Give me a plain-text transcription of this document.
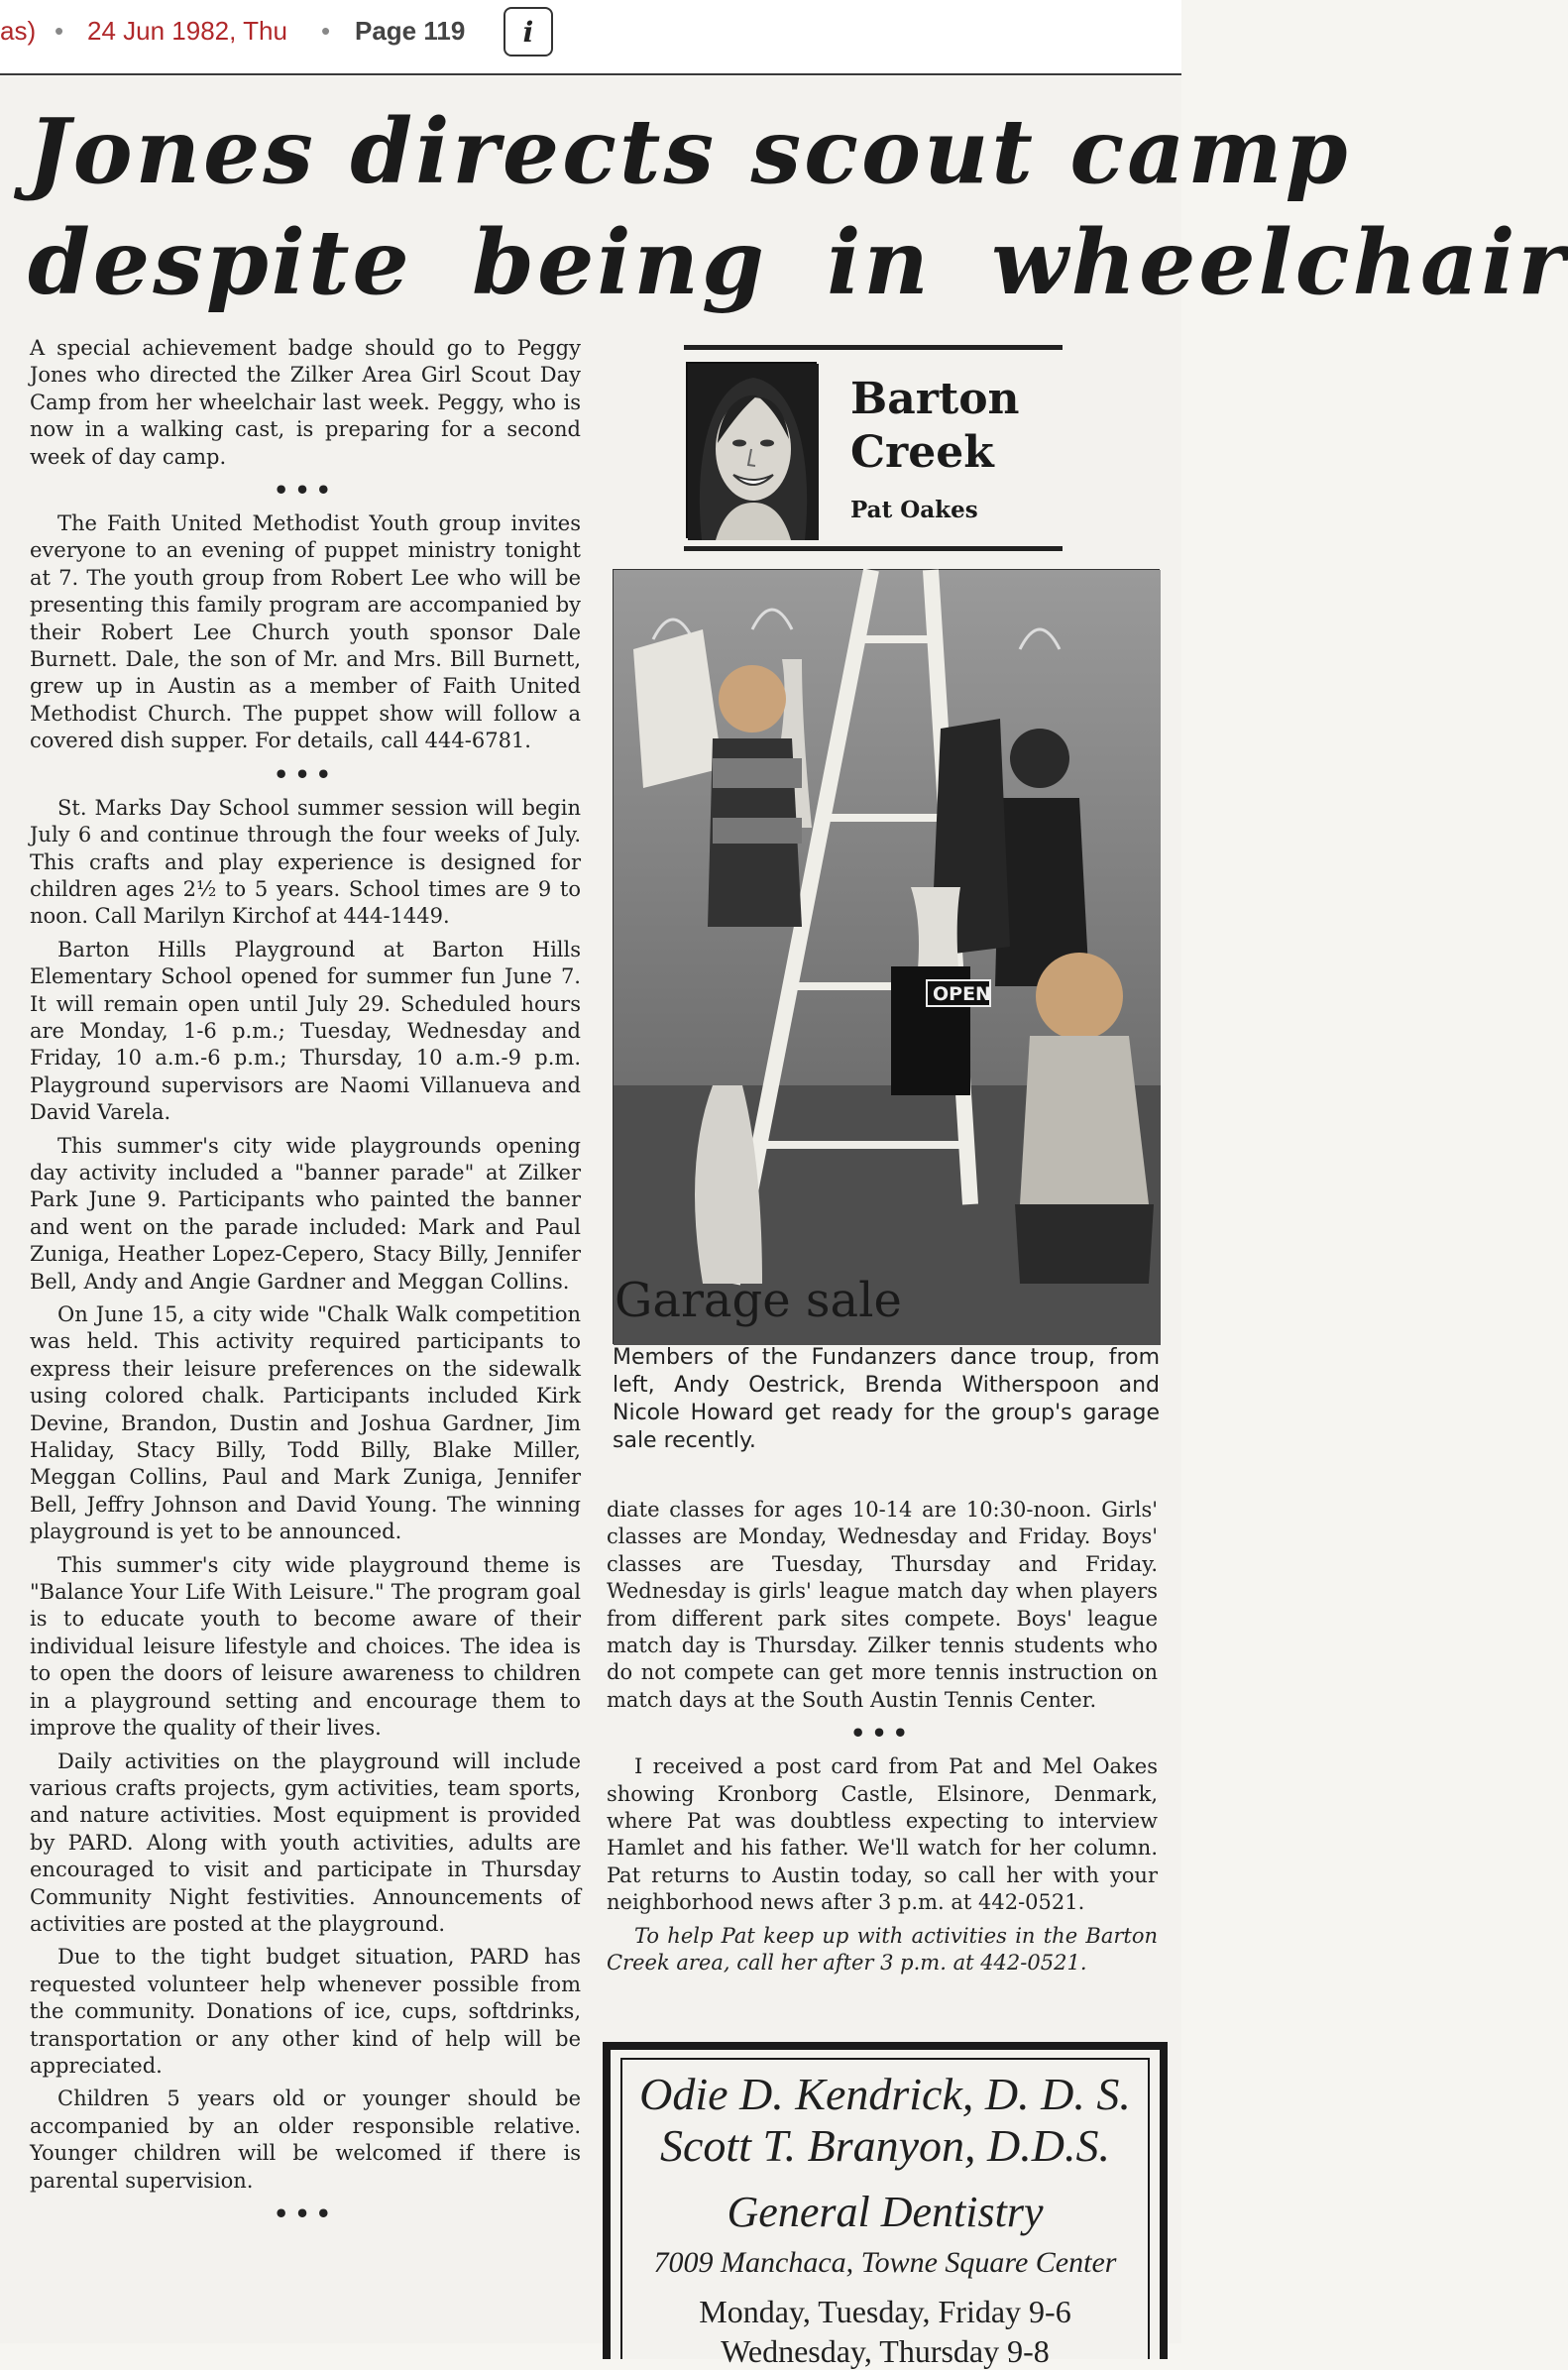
as) • 24 Jun 1982, Thu • Page 119 i
Jones directs scout camp
despite being in wheelchair

A special achievement badge should go to Peggy Jones who directed the Zilker Area Girl Scout Day Camp from her wheelchair last week. Peggy, who is now in a walking cast, is preparing for a second week of day camp.

•••

The Faith United Methodist Youth group invites everyone to an evening of puppet ministry tonight at 7. The youth group from Robert Lee who will be presenting this family program are accompanied by their Robert Lee Church youth sponsor Dale Burnett. Dale, the son of Mr. and Mrs. Bill Burnett, grew up in Austin as a member of Faith United Methodist Church. The puppet show will follow a covered dish supper. For details, call 444-6781.

•••

St. Marks Day School summer session will begin July 6 and continue through the four weeks of July. This crafts and play experience is designed for children ages 2½ to 5 years. School times are 9 to noon. Call Marilyn Kirchof at 444-1449.

Barton Hills Playground at Barton Hills Elementary School opened for summer fun June 7. It will remain open until July 29. Scheduled hours are Monday, 1-6 p.m.; Tuesday, Wednesday and Friday, 10 a.m.-6 p.m.; Thursday, 10 a.m.-9 p.m. Playground supervisors are Naomi Villanueva and David Varela.

This summer's city wide playgrounds opening day activity included a "banner parade" at Zilker Park June 9. Participants who painted the banner and went on the parade included: Mark and Paul Zuniga, Heather Lopez-Cepero, Stacy Billy, Jennifer Bell, Andy and Angie Gardner and Meggan Collins.

On June 15, a city wide "Chalk Walk competition was held. This activity required participants to express their leisure preferences on the sidewalk using colored chalk. Participants included Kirk Devine, Brandon, Dustin and Joshua Gardner, Jim Haliday, Stacy Billy, Todd Billy, Blake Miller, Meggan Collins, Paul and Mark Zuniga, Jennifer Bell, Jeffry Johnson and David Young. The winning playground is yet to be announced.

This summer's city wide playground theme is "Balance Your Life With Leisure." The program goal is to educate youth to become aware of their individual leisure lifestyle and choices. The idea is to open the doors of leisure awareness to children in a playground setting and encourage them to improve the quality of their lives.

Daily activities on the playground will include various crafts projects, gym activities, team sports, and nature activities. Most equipment is provided by PARD. Along with youth activities, adults are encouraged to visit and participate in Thursday Community Night festivities. Announcements of activities are posted at the playground.

Due to the tight budget situation, PARD has requested volunteer help whenever possible from the community. Donations of ice, cups, softdrinks, transportation or any other kind of help will be appreciated.

Children 5 years old or younger should be accompanied by an older responsible relative. Younger children will be welcomed if there is parental supervision.

•••

Barton
Creek
Pat Oakes
OPEN
Garage sale
Members of the Fundanzers dance troup, from left, Andy Oestrick, Brenda Witherspoon and Nicole Howard get ready for the group's garage sale recently.

diate classes for ages 10-14 are 10:30-noon. Girls' classes are Monday, Wednesday and Friday. Boys' classes are Tuesday, Thursday and Friday. Wednesday is girls' league match day when players from different park sites compete. Boys' league match day is Thursday. Zilker tennis students who do not compete can get more tennis instruction on match days at the South Austin Tennis Center.

•••

I received a post card from Pat and Mel Oakes showing Kronborg Castle, Elsinore, Denmark, where Pat was doubtless expecting to interview Hamlet and his father. We'll watch for her column. Pat returns to Austin today, so call her with your neighborhood news after 3 p.m. at 442-0521.

To help Pat keep up with activities in the Barton Creek area, call her after 3 p.m. at 442-0521.

Odie D. Kendrick, D. D. S.
Scott T. Branyon, D.D.S.
General Dentistry
7009 Manchaca, Towne Square Center
Monday, Tuesday, Friday 9-6
Wednesday, Thursday 9-8
